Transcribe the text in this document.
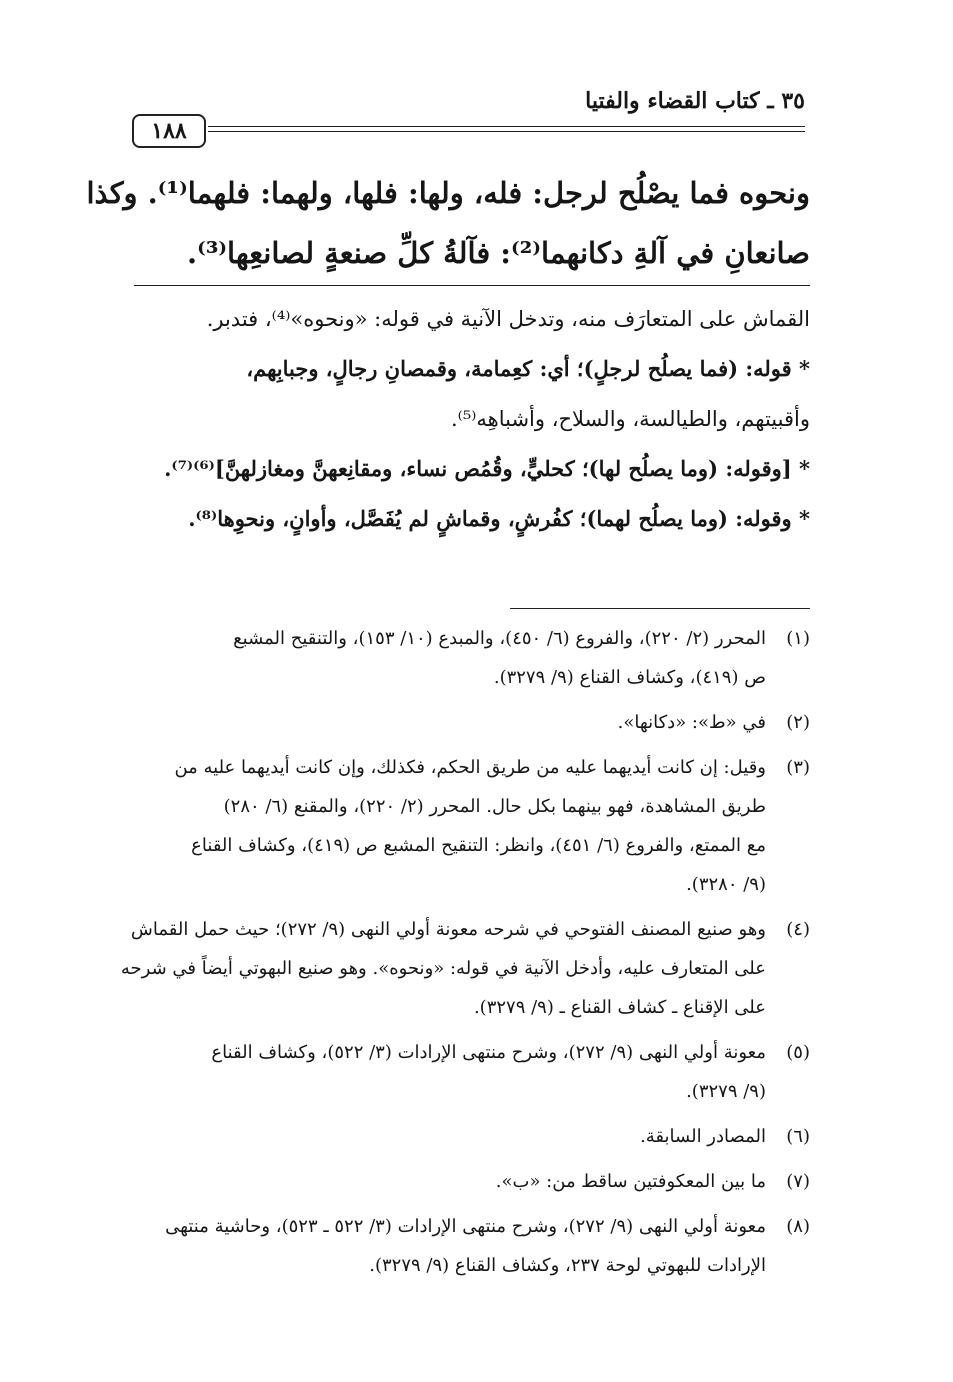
٣٥ ـ كتاب القضاء والفتيا
١٨٨

ونحوه فما يصْلُح لرجل: فله، ولها: فلها، ولهما: فلهما⁽¹⁾. وكذا

صانعانِ في آلةِ دكانهما⁽²⁾: فآلةُ كلِّ صنعةٍ لصانعِها⁽³⁾.

القماش على المتعارَف منه، وتدخل الآنية في قوله: «ونحوه»⁽⁴⁾، فتدبر.

* قوله: (فما يصلُح لرجلٍ)؛ أي: كعِمامة، وقمصانِ رجالٍ، وجبابِهم،

وأقبيتهم، والطيالسة، والسلاح، وأشباهِه⁽⁵⁾.

* [وقوله: (وما يصلُح لها)؛ كحليٍّ، وقُمُص نساء، ومقانِعهنَّ ومغازلهنَّ]⁽⁶⁾⁽⁷⁾.

* وقوله: (وما يصلُح لهما)؛ كفُرشٍ، وقماشٍ لم يُفَصَّل، وأوانٍ، ونحوِها⁽⁸⁾.

(١)
المحرر (٢/ ٢٢٠)، والفروع (٦/ ٤٥٠)، والمبدع (١٠/ ١٥٣)، والتنقيح المشبع
ص (٤١٩)، وكشاف القناع (٩/ ٣٢٧٩).
(٢)
في «ط»: «دكانها».
(٣)
وقيل: إن كانت أيديهما عليه من طريق الحكم، فكذلك، وإن كانت أيديهما عليه من
طريق المشاهدة، فهو بينهما بكل حال. المحرر (٢/ ٢٢٠)، والمقنع (٦/ ٢٨٠)
مع الممتع، والفروع (٦/ ٤٥١)، وانظر: التنقيح المشبع ص (٤١٩)، وكشاف القناع
(٩/ ٣٢٨٠).
(٤)
وهو صنيع المصنف الفتوحي في شرحه معونة أولي النهى (٩/ ٢٧٢)؛ حيث حمل القماش
على المتعارف عليه، وأدخل الآنية في قوله: «ونحوه». وهو صنيع البهوتي أيضاً في شرحه
على الإقناع ـ كشاف القناع ـ (٩/ ٣٢٧٩).
(٥)
معونة أولي النهى (٩/ ٢٧٢)، وشرح منتهى الإرادات (٣/ ٥٢٢)، وكشاف القناع
(٩/ ٣٢٧٩).
(٦)
المصادر السابقة.
(٧)
ما بين المعكوفتين ساقط من: «ب».
(٨)
معونة أولي النهى (٩/ ٢٧٢)، وشرح منتهى الإرادات (٣/ ٥٢٢ ـ ٥٢٣)، وحاشية منتهى
الإرادات للبهوتي لوحة ٢٣٧، وكشاف القناع (٩/ ٣٢٧٩).
